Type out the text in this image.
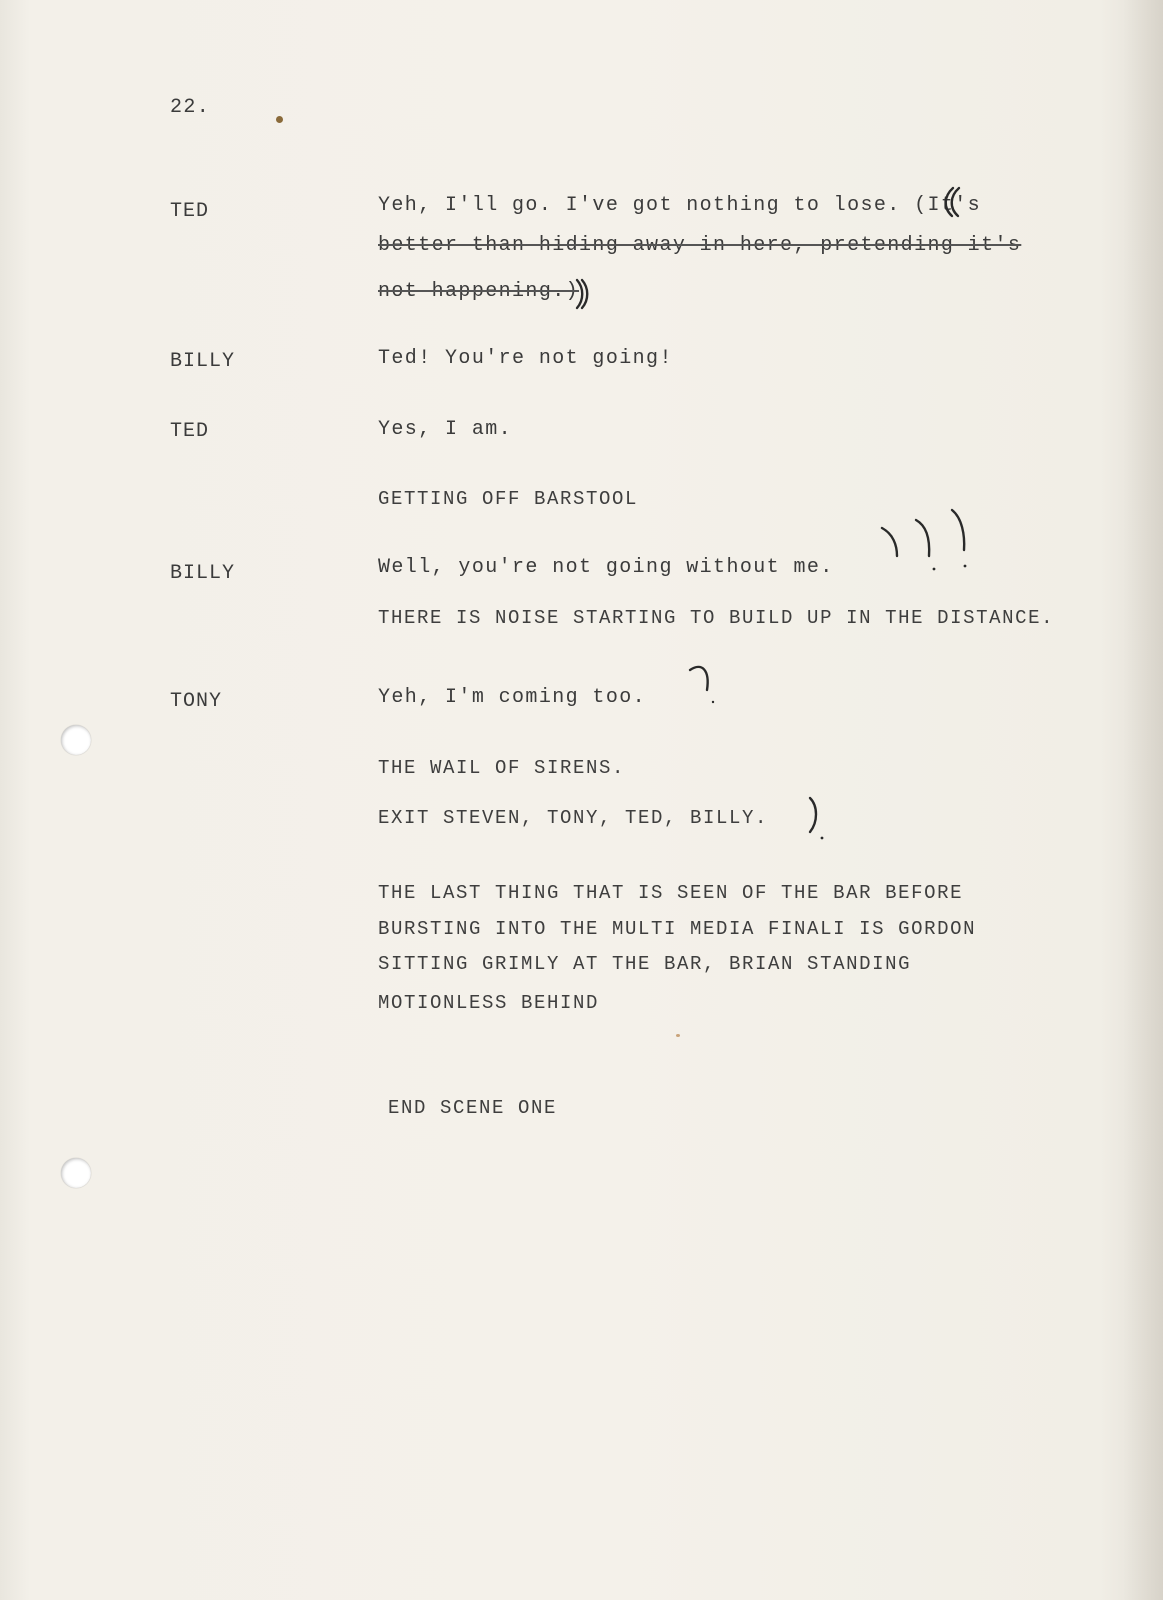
22.
TED	Yeh, I'll go. I've got nothing to lose. (It's
better than hiding away in here, pretending it's
not happening.)
BILLY	Ted! You're not going!
TED	Yes, I am.
GETTING OFF BARSTOOL
BILLY	Well, you're not going without me.
THERE IS NOISE STARTING TO BUILD UP IN THE DISTANCE.
TONY	Yeh, I'm coming too.
THE WAIL OF SIRENS.
EXIT STEVEN, TONY, TED, BILLY.
THE LAST THING THAT IS SEEN OF THE BAR BEFORE
BURSTING INTO THE MULTI MEDIA FINALI IS GORDON
SITTING GRIMLY AT THE BAR, BRIAN STANDING
MOTIONLESS BEHIND
END SCENE ONE
